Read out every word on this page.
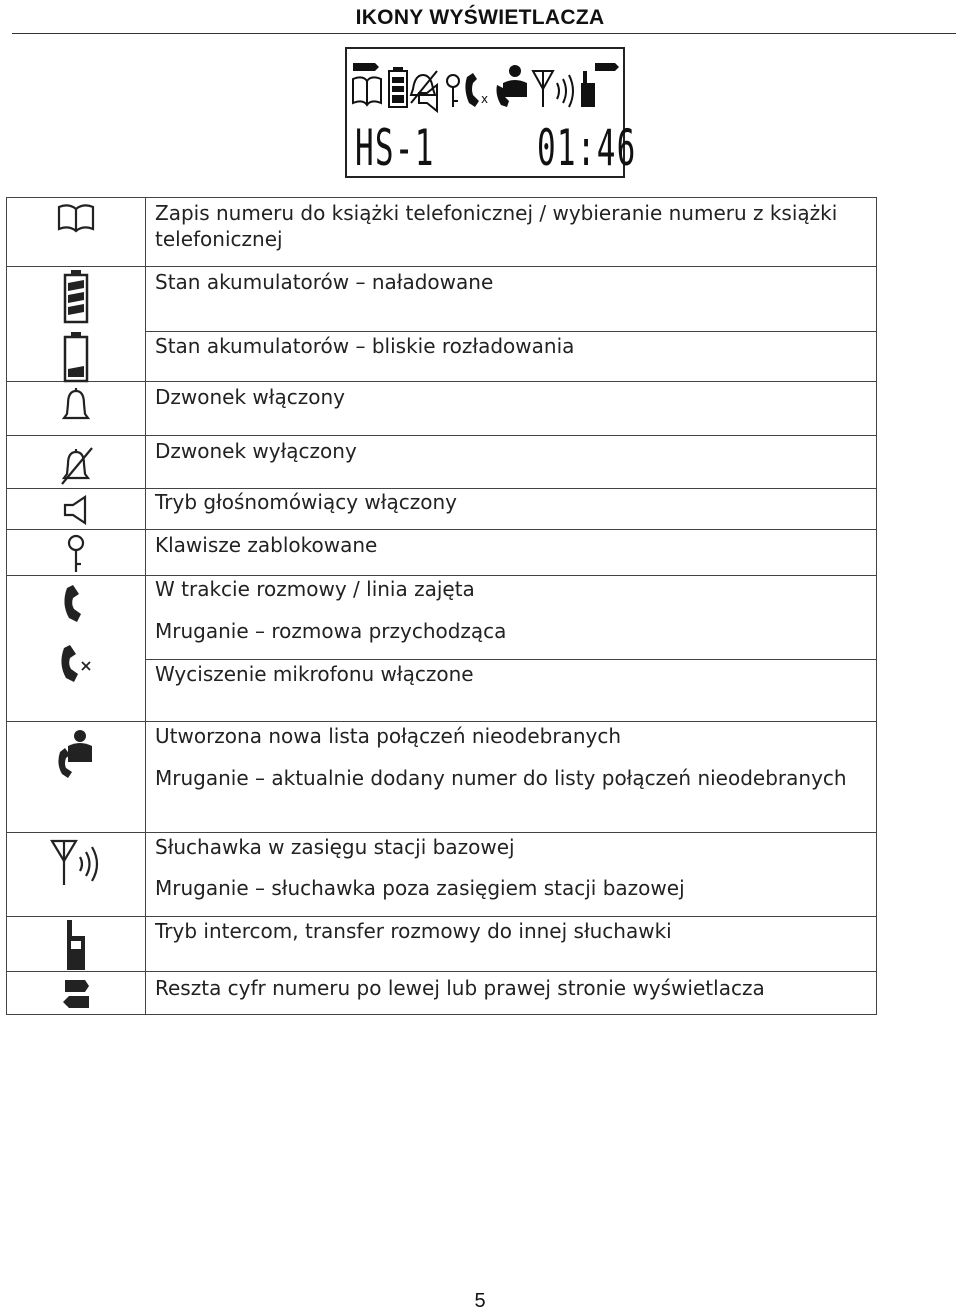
IKONY WYŚWIETLACZA
x
HS-1 01:46

Zapis numeru do książki telefonicznej / wybieranie numeru z książki telefonicznej

Stan akumulatorów – naładowane
Stan akumulatorów – bliskie rozładowania

Dzwonek włączony

Dzwonek wyłączony

Tryb głośnomówiący włączony

Klawisze zablokowane

W trakcie rozmowy / linia zajęta
Mruganie – rozmowa przychodząca
Wyciszenie mikrofonu włączone

Utworzona nowa lista połączeń nieodebranych
Mruganie – aktualnie dodany numer do listy połączeń nieodebranych

Słuchawka w zasięgu stacji bazowej
Mruganie – słuchawka poza zasięgiem stacji bazowej

Tryb intercom, transfer rozmowy do innej słuchawki

Reszta cyfr numeru po lewej lub prawej stronie wyświetlacza
5
